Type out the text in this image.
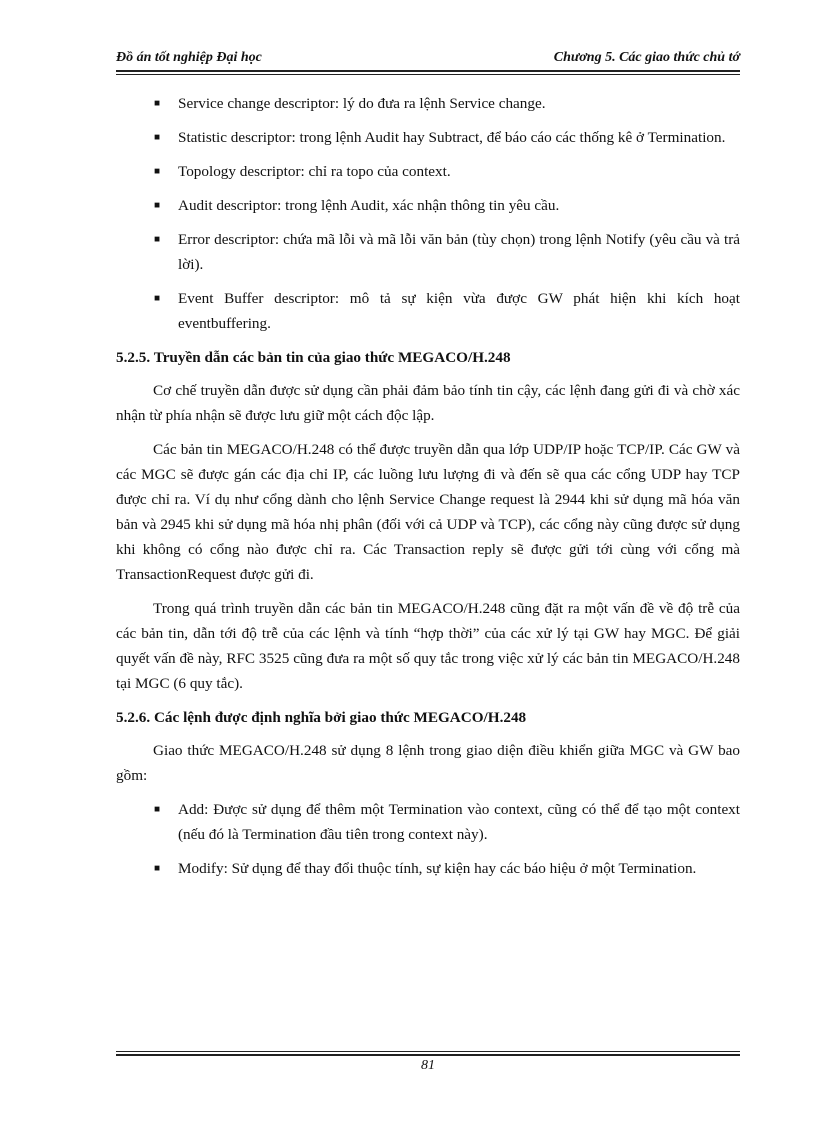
Đồ án tốt nghiệp Đại học	Chương 5. Các giao thức chủ tớ
■ Service change descriptor: lý do đưa ra lệnh Service change.
■ Statistic descriptor: trong lệnh Audit hay Subtract, để báo cáo các thống kê ở Termination.
■ Topology descriptor: chỉ ra topo của context.
■ Audit descriptor: trong lệnh Audit, xác nhận thông tin yêu cầu.
■ Error descriptor: chứa mã lỗi và mã lỗi văn bản (tùy chọn) trong lệnh Notify (yêu cầu và trả lời).
■ Event Buffer descriptor: mô tả sự kiện vừa được GW phát hiện khi kích hoạt eventbuffering.
5.2.5. Truyền dẫn các bản tin của giao thức MEGACO/H.248

Cơ chế truyền dẫn được sử dụng cần phải đảm bảo tính tin cậy, các lệnh đang gửi đi và chờ xác nhận từ phía nhận sẽ được lưu giữ một cách độc lập.

Các bản tin MEGACO/H.248 có thể được truyền dẫn qua lớp UDP/IP hoặc TCP/IP. Các GW và các MGC sẽ được gán các địa chỉ IP, các luồng lưu lượng đi và đến sẽ qua các cổng UDP hay TCP được chỉ ra. Ví dụ như cổng dành cho lệnh Service Change request là 2944 khi sử dụng mã hóa văn bản và 2945 khi sử dụng mã hóa nhị phân (đối với cả UDP và TCP), các cổng này cũng được sử dụng khi không có cổng nào được chỉ ra. Các Transaction reply sẽ được gửi tới cùng với cổng mà TransactionRequest được gửi đi.

Trong quá trình truyền dẫn các bản tin MEGACO/H.248 cũng đặt ra một vấn đề về độ trễ của các bản tin, dẫn tới độ trễ của các lệnh và tính “hợp thời” của các xử lý tại GW hay MGC. Để giải quyết vấn đề này, RFC 3525 cũng đưa ra một số quy tắc trong việc xử lý các bản tin MEGACO/H.248 tại MGC (6 quy tắc).

5.2.6. Các lệnh được định nghĩa bởi giao thức MEGACO/H.248

Giao thức MEGACO/H.248 sử dụng 8 lệnh trong giao diện điều khiển giữa MGC và GW bao gồm:

■ Add: Được sử dụng để thêm một Termination vào context, cũng có thể để tạo một context (nếu đó là Termination đầu tiên trong context này).
■ Modify: Sử dụng để thay đổi thuộc tính, sự kiện hay các báo hiệu ở một Termination.
81
